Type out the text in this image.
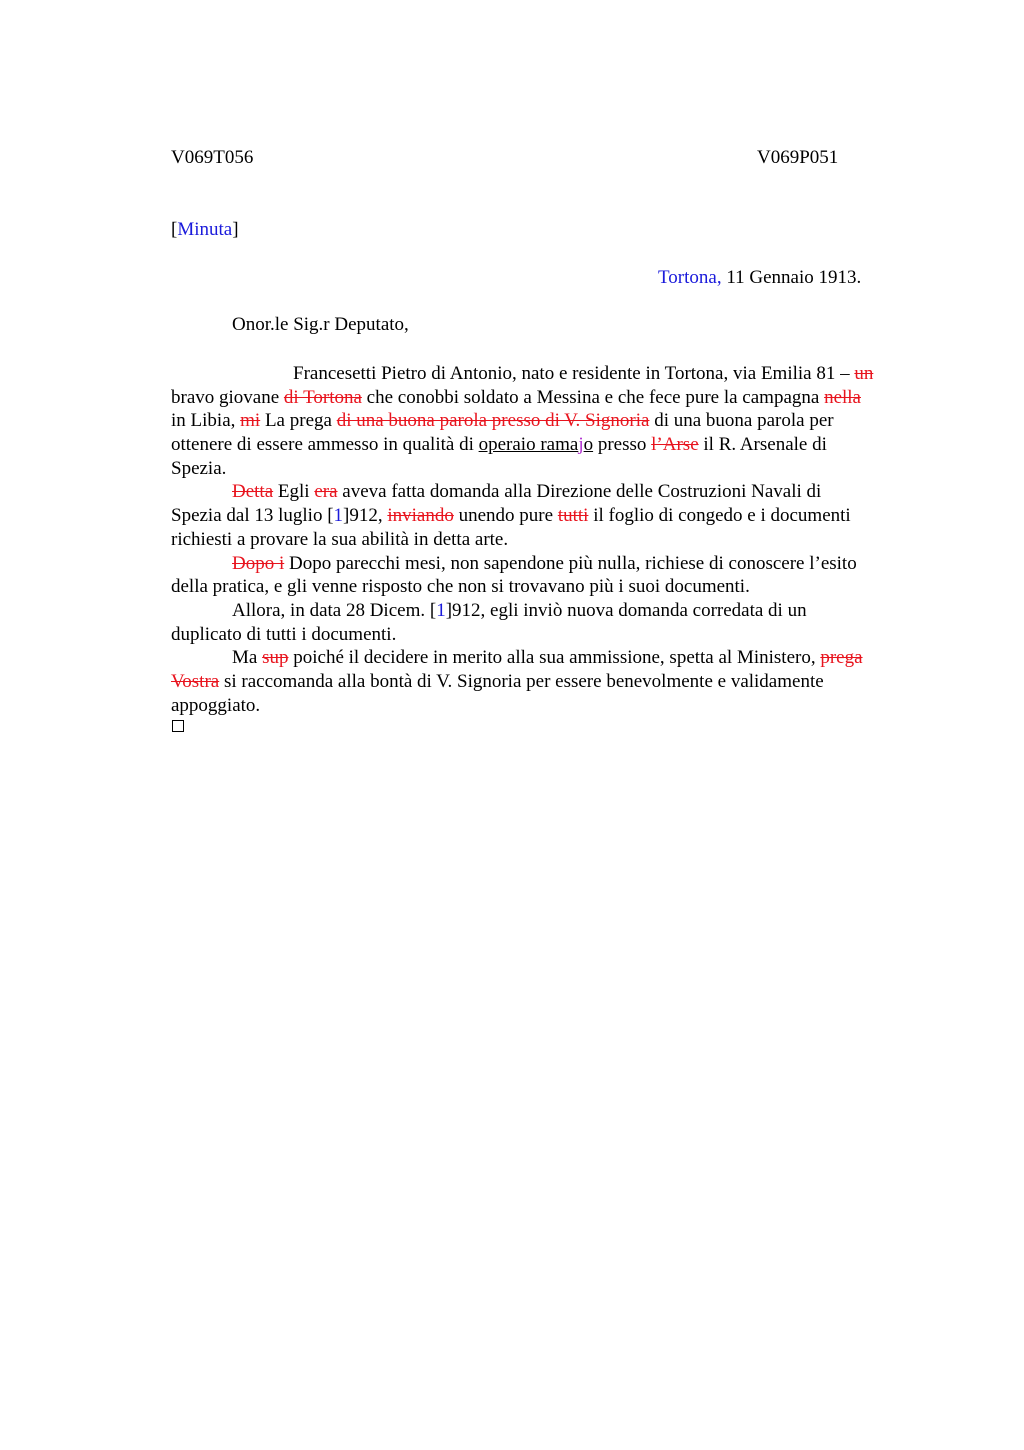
V069T056	V069P051
[Minuta]
Tortona, 11 Gennaio 1913.
Onor.le Sig.r Deputato,
Francesetti Pietro di Antonio, nato e residente in Tortona, via Emilia 81 – un
bravo giovane di Tortona che conobbi soldato a Messina e che fece pure la campagna nella
in Libia, mi La prega di una buona parola presso di V. Signoria di una buona parola per
ottenere di essere ammesso in qualità di operaio ramajo presso l’Arse il R. Arsenale di
Spezia.
Detta Egli era aveva fatta domanda alla Direzione delle Costruzioni Navali di
Spezia dal 13 luglio [1]912, inviando unendo pure tutti il foglio di congedo e i documenti
richiesti a provare la sua abilità in detta arte.
Dopo i Dopo parecchi mesi, non sapendone più nulla, richiese di conoscere l’esito
della pratica, e gli venne risposto che non si trovavano più i suoi documenti.
Allora, in data 28 Dicem. [1]912, egli inviò nuova domanda corredata di un
duplicato di tutti i documenti.
Ma sup poiché il decidere in merito alla sua ammissione, spetta al Ministero, prega
Vostra si raccomanda alla bontà di V. Signoria per essere benevolmente e validamente
appoggiato.
